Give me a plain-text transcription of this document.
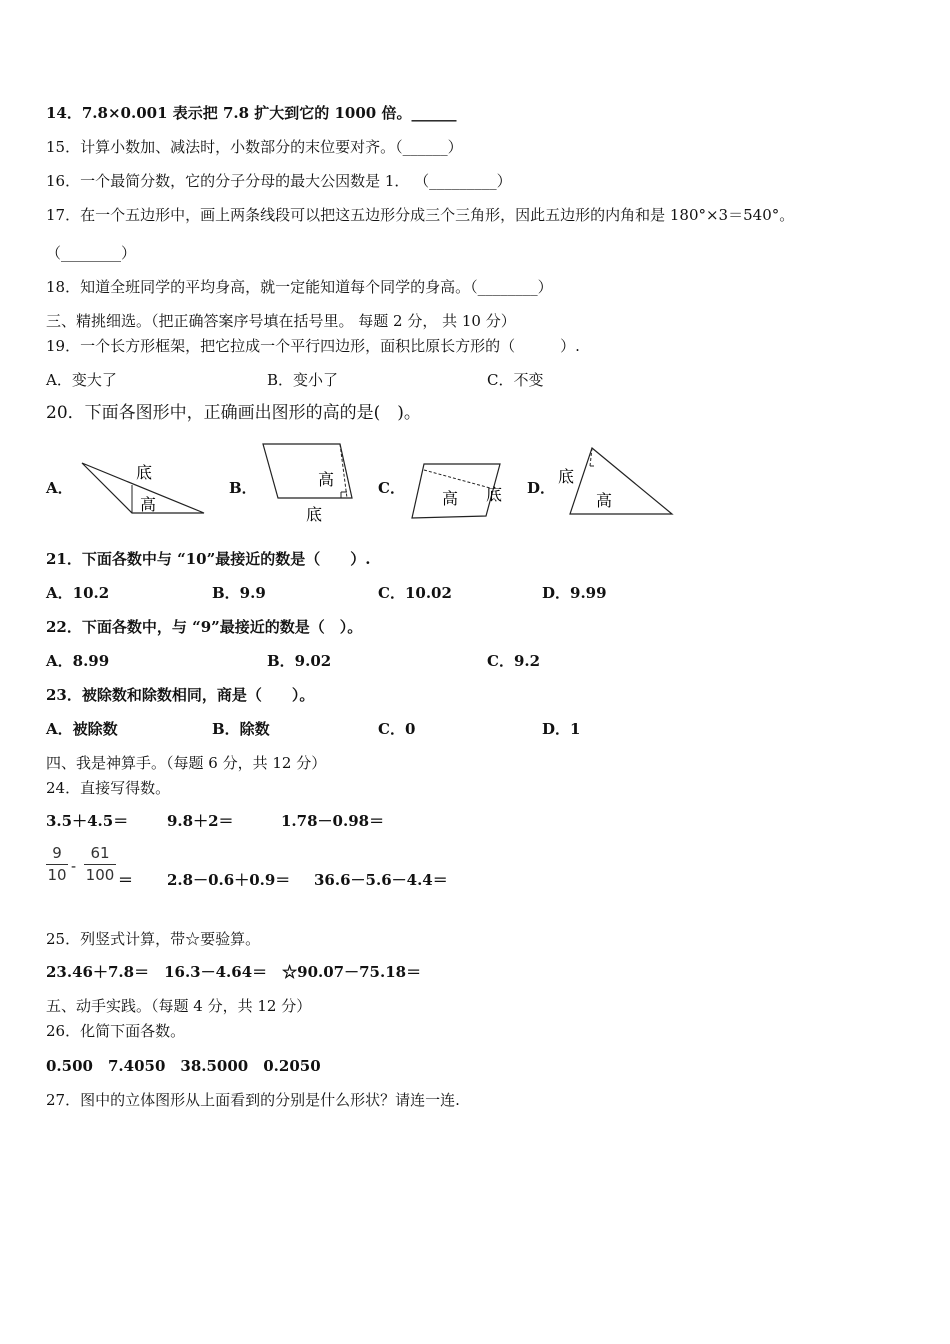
14．7.8×0.001 表示把 7.8 扩大到它的 1000 倍。______
15．计算小数加、减法时，小数部分的末位要对齐。（______）
16．一个最简分数，它的分子分母的最大公因数是 1． （_________）
17．在一个五边形中，画上两条线段可以把这五边形分成三个三角形，因此五边形的内角和是 180°×3＝540°。
（________）
18．知道全班同学的平均身高，就一定能知道每个同学的身高。（________）
三、精挑细选。（把正确答案序号填在括号里。 每题 2 分， 共 10 分）
19．一个长方形框架，把它拉成一个平行四边形，面积比原长方形的（　　　）.
A．变大了	B．变小了	C．不变
20．下面各图形中，正确画出图形的高的是(　)。
A．	B．	C．	D．
底
高
高
底
高 底
底
高
21．下面各数中与 “10”最接近的数是（　　）.
A．10.2	B．9.9	C．10.02	D．9.99
22．下面各数中，与 “9”最接近的数是（　）。
A．8.99	B．9.02	C．9.2
23．被除数和除数相同，商是（　　）。
A．被除数	B．除数	C．0	D．1
四、我是神算手。（每题 6 分，共 12 分）
24．直接写得数。
3.5＋4.5＝	9.8＋2＝	1.78－0.98＝
$\frac{9}{10} - \frac{61}{100} = 2.8-0.6+0.9= 36.6-5.6-4.4=$
25．列竖式计算，带☆要验算。
23.46＋7.8＝　16.3－4.64＝　☆90.07－75.18＝
五、动手实践。（每题 4 分，共 12 分）
26．化简下面各数。
0.500　7.4050　38.5000　0.2050
27．图中的立体图形从上面看到的分别是什么形状？请连一连.
